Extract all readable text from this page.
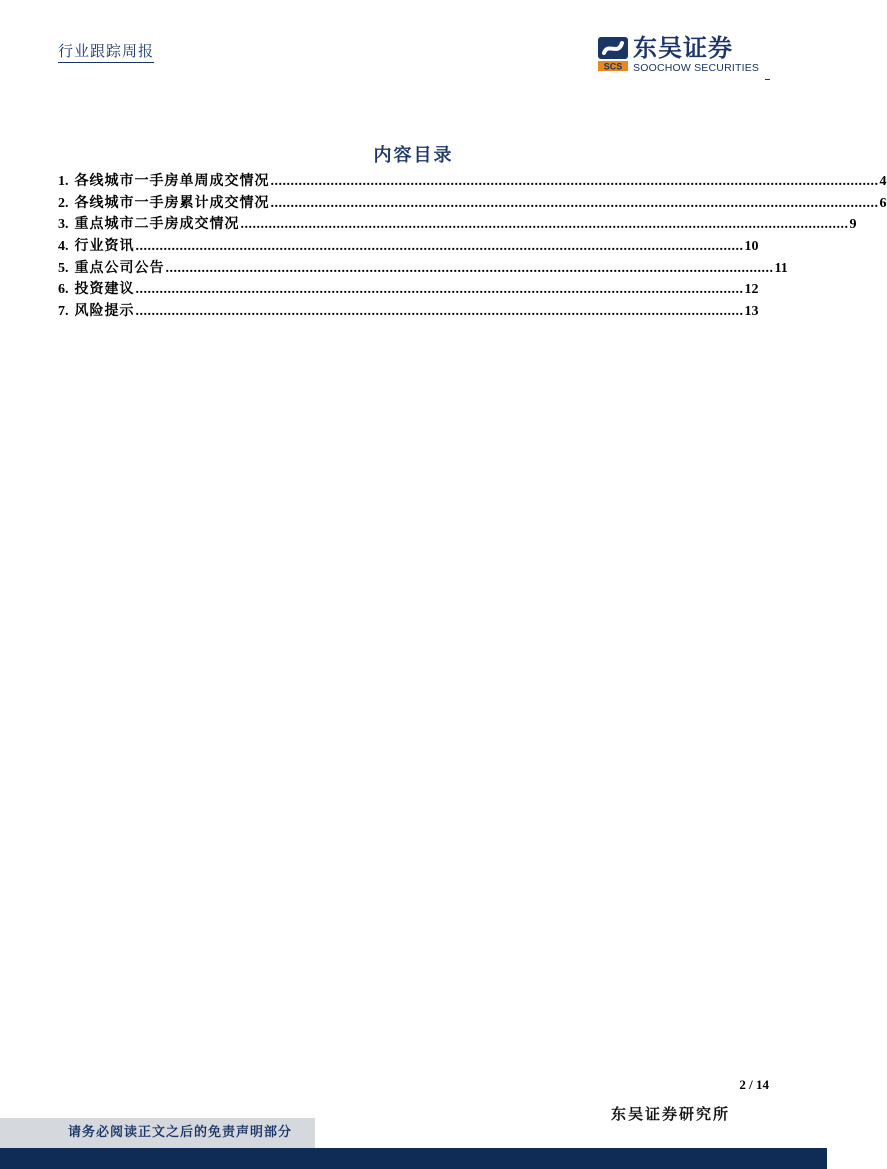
行业跟踪周报
SCS
东吴证券
SOOCHOW SECURITIES
内容目录
1. 各线城市一手房单周成交情况 ........................................................................................................................................................ 4
2. 各线城市一手房累计成交情况 ........................................................................................................................................................ 6
3. 重点城市二手房成交情况 ........................................................................................................................................................ 9
4. 行业资讯 ........................................................................................................................................................ 10
5. 重点公司公告 ........................................................................................................................................................ 11
6. 投资建议 ........................................................................................................................................................ 12
7. 风险提示 ........................................................................................................................................................ 13
2 / 14
东吴证券研究所
请务必阅读正文之后的免责声明部分
